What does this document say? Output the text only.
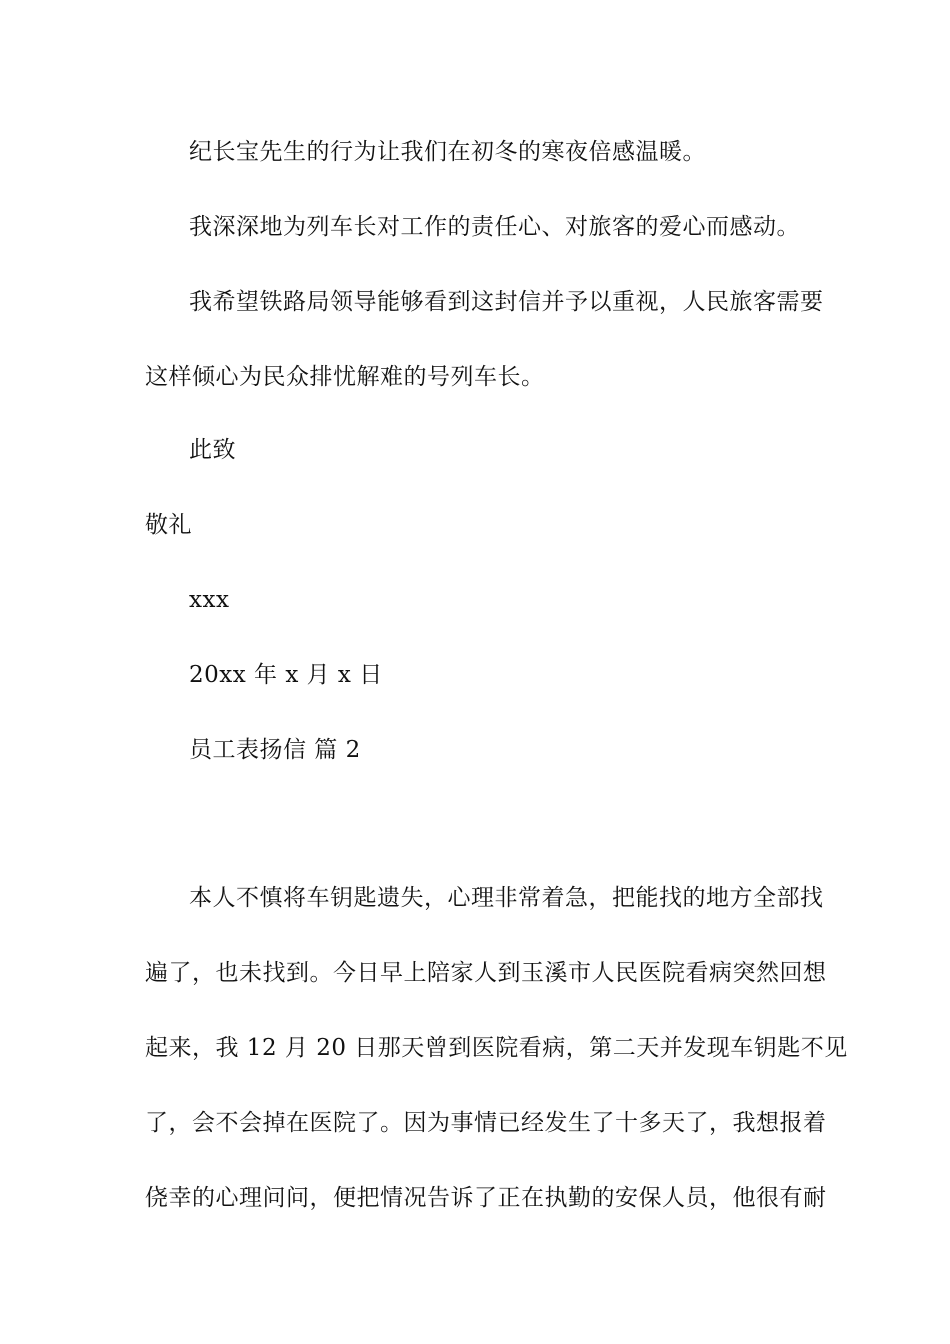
纪长宝先生的行为让我们在初冬的寒夜倍感温暖。
我深深地为列车长对工作的责任心、对旅客的爱心而感动。
我希望铁路局领导能够看到这封信并予以重视，人民旅客需要
这样倾心为民众排忧解难的号列车长。
此致
敬礼
xxx
20xx 年 x 月 x 日
员工表扬信 篇 2
本人不慎将车钥匙遗失，心理非常着急，把能找的地方全部找
遍了，也未找到。今日早上陪家人到玉溪市人民医院看病突然回想
起来，我 12 月 20 日那天曾到医院看病，第二天并发现车钥匙不见
了，会不会掉在医院了。因为事情已经发生了十多天了，我想报着
侥幸的心理问问，便把情况告诉了正在执勤的安保人员，他很有耐
